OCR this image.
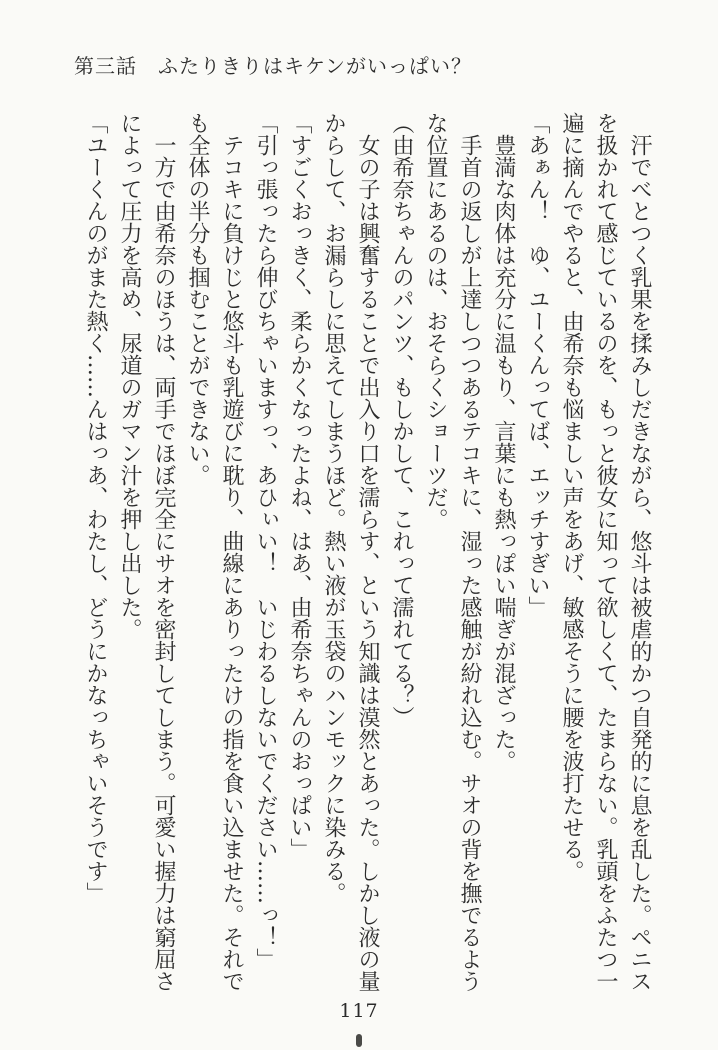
第三話　ふたりきりはキケンがいっぱい？

　汗でべとつく乳果を揉みしだきながら、悠斗は被虐的かつ自発的に息を乱した。ペニスを扱かれて感じているのを、もっと彼女に知って欲しくて、たまらない。乳頭をふたつ一遍に摘んでやると、由希奈も悩ましい声をあげ、敏感そうに腰を波打たせる。

「あぁん！　ゆ、ユーくんってば、エッチすぎい」

　豊満な肉体は充分に温もり、言葉にも熱っぽい喘ぎが混ざった。

　手首の返しが上達しつつあるテコキに、湿った感触が紛れ込む。サオの背を撫でるような位置にあるのは、おそらくショーツだ。

（由希奈ちゃんのパンツ、もしかして、これって濡れてる？）

　女の子は興奮することで出入り口を濡らす、という知識は漠然とあった。しかし液の量からして、お漏らしに思えてしまうほど。熱い液が玉袋のハンモックに染みる。

「すごくおっきく、柔らかくなったよね、はあ、由希奈ちゃんのおっぱい」

「引っ張ったら伸びちゃいますっ、あひぃい！　いじわるしないでください……っ！」

　テコキに負けじと悠斗も乳遊びに耽り、曲線にありったけの指を食い込ませた。それでも全体の半分も掴むことができない。

　一方で由希奈のほうは、両手でほぼ完全にサオを密封してしまう。可愛い握力は窮屈さによって圧力を高め、尿道のガマン汁を押し出した。

「ユーくんのがまた熱く……んはっあ、わたし、どうにかなっちゃいそうです」

117
